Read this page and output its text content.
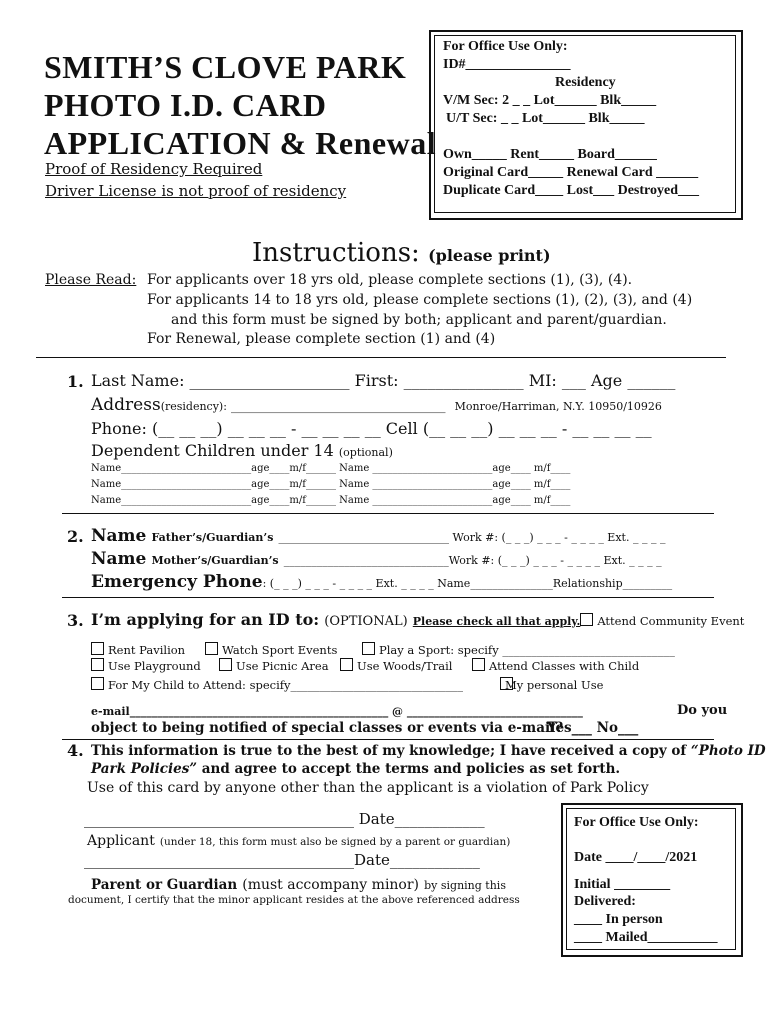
SMITH’S CLOVE PARK
PHOTO I.D. CARD
APPLICATION & Renewal
Proof of Residency Required
Driver License is not proof of residency
For Office Use Only:
ID#_______________
Residency
V/M Sec: 2 _ _ Lot______ Blk_____
U/T Sec: _ _ Lot______ Blk_____
Own_____ Rent_____ Board______
Original Card_____ Renewal Card ______
Duplicate Card____ Lost___ Destroyed___
Instructions: (please print)
Please Read: For applicants over 18 yrs old, please complete sections (1), (3), (4).
For applicants 14 to 18 yrs old, please complete sections (1), (2), (3), and (4)
and this form must be signed by both; applicant and parent/guardian.
For Renewal, please complete section (1) and (4)
1. Last Name: ____________________ First: _______________ MI: ___ Age ______
Address(residency): _________________________________ Monroe/Harriman, N.Y. 10950/10926
Phone: (__ __ __) __ __ __ - __ __ __ __ Cell (__ __ __) __ __ __ - __ __ __ __
Dependent Children under 14 (optional)
Name__________________________age____m/f______ Name ________________________age____ m/f____
Name__________________________age____m/f______ Name ________________________age____ m/f____
Name__________________________age____m/f______ Name ________________________age____ m/f____
2. Name Father’s/Guardian’s _______________________________ Work #: (_ _ _) _ _ _ - _ _ _ _ Ext. _ _ _ _
Name Mother’s/Guardian’s ______________________________Work #: (_ _ _) _ _ _ - _ _ _ _ Ext. _ _ _ _
Emergency Phone: (_ _ _) _ _ _ - _ _ _ _ Ext. _ _ _ _ Name_______________Relationship_________
3. I’m applying for an ID to: (OPTIONAL) Please check all that apply. Attend Community Event
Rent Pavilion	Watch Sport Events	Play a Sport: specify ______________________________
Use Playground	Use Picnic Area	Use Woods/Trail	Attend Classes with Child
For My Child to Attend: specify______________________________	My personal Use
e-mail_______________________________________________ @ ________________________________	Do you
object to being notified of special classes or events via e-mail?
Yes___ No___
4. This information is true to the best of my knowledge; I have received a copy of “Photo ID
Park Policies” and agree to accept the terms and policies as set forth.
Use of this card by anyone other than the applicant is a violation of Park Policy
____________________________________ Date____________
Applicant (under 18, this form must also be signed by a parent or guardian)
____________________________________Date____________
Parent or Guardian (must accompany minor) by signing this
document, I certify that the minor applicant resides at the above referenced address
For Office Use Only:
Date ____/____/2021
Initial ________
Delivered:
____ In person
____ Mailed__________
